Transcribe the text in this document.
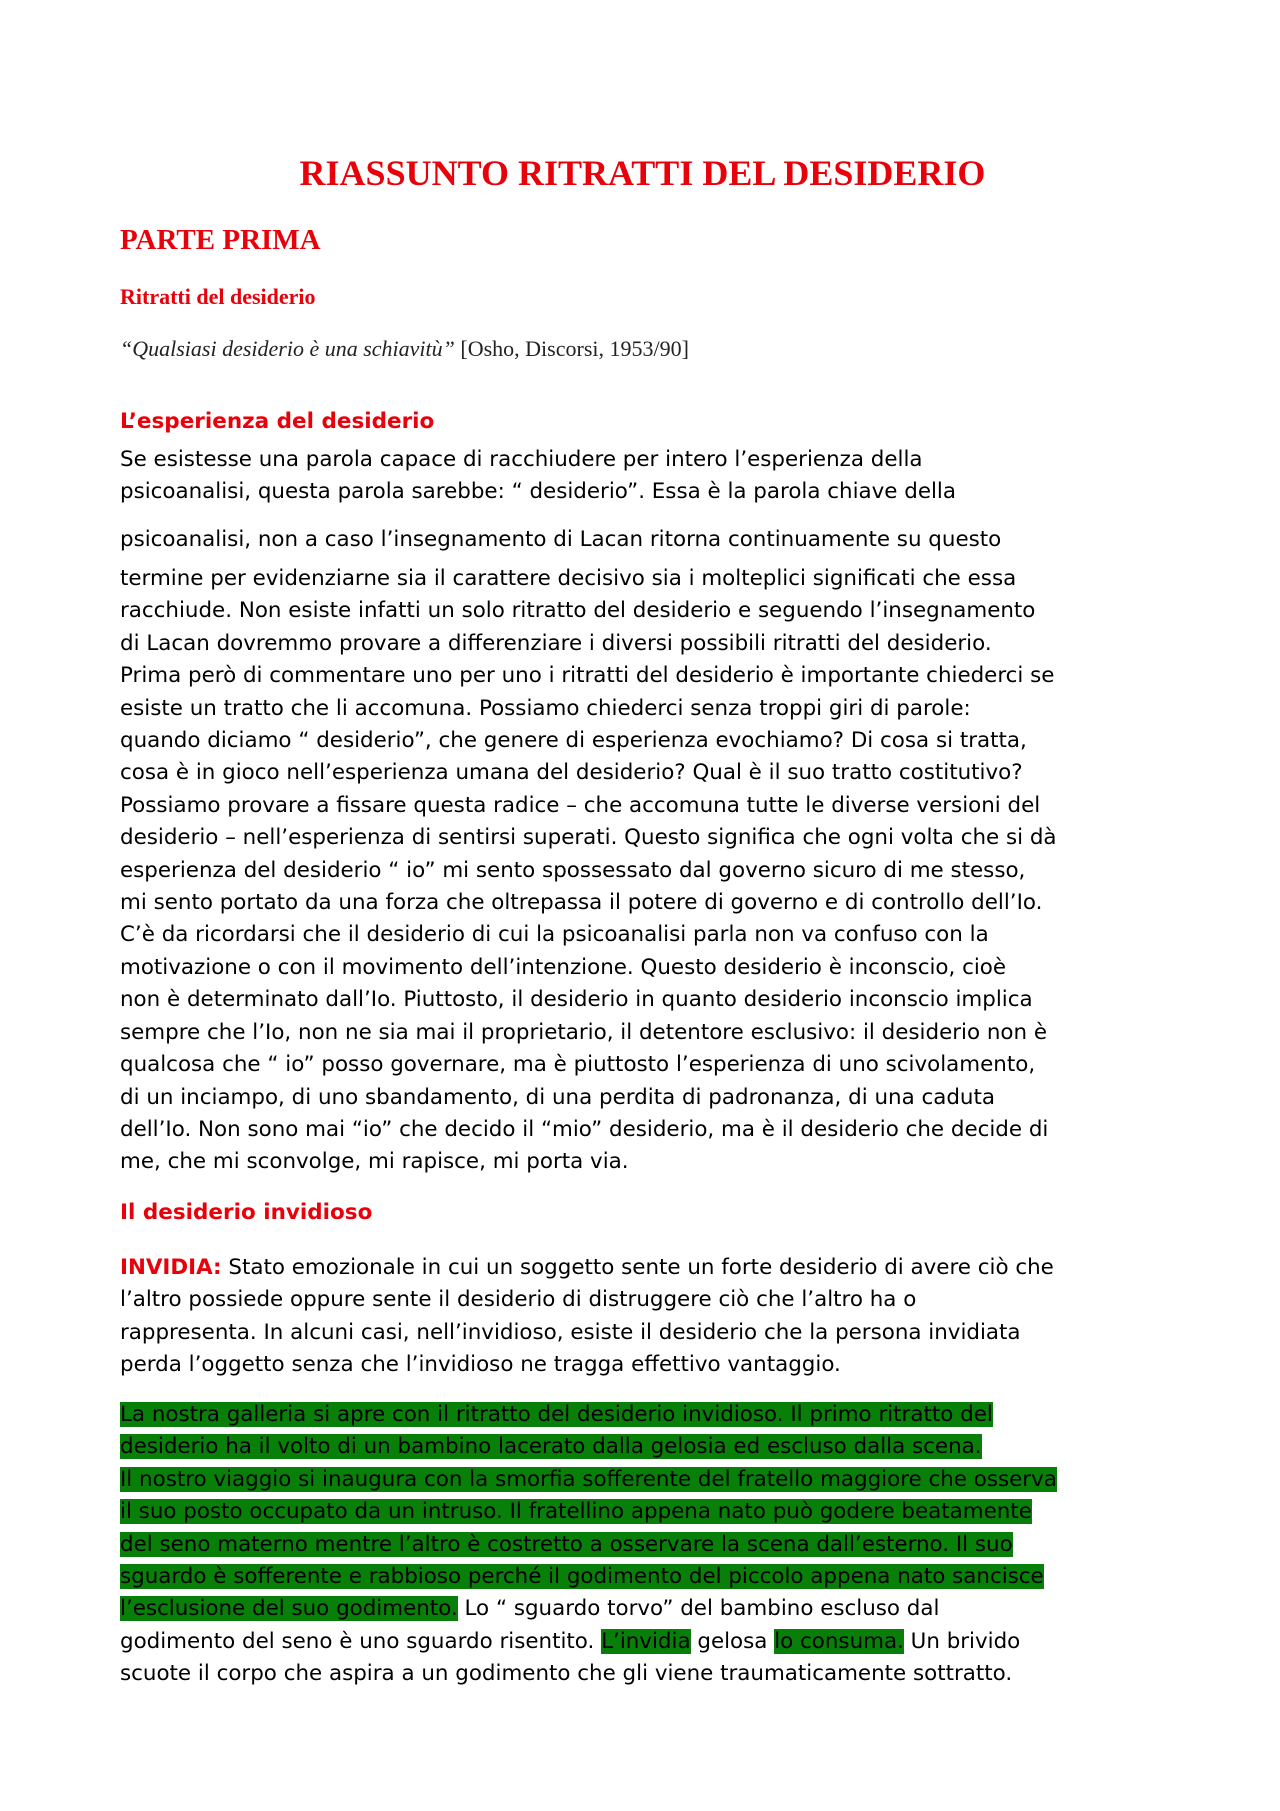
RIASSUNTO RITRATTI DEL DESIDERIO
PARTE PRIMA
Ritratti del desiderio

“Qualsiasi desiderio è una schiavitù” [Osho, Discorsi, 1953/90]

L’esperienza del desiderio

Se esistesse una parola capace di racchiudere per intero l’esperienza della
psicoanalisi, questa parola sarebbe: “ desiderio”. Essa è la parola chiave della

psicoanalisi, non a caso l’insegnamento di Lacan ritorna continuamente su questo

termine per evidenziarne sia il carattere decisivo sia i molteplici significati che essa
racchiude. Non esiste infatti un solo ritratto del desiderio e seguendo l’insegnamento
di Lacan dovremmo provare a differenziare i diversi possibili ritratti del desiderio.
Prima però di commentare uno per uno i ritratti del desiderio è importante chiederci se
esiste un tratto che li accomuna. Possiamo chiederci senza troppi giri di parole:
quando diciamo “ desiderio”, che genere di esperienza evochiamo? Di cosa si tratta,
cosa è in gioco nell’esperienza umana del desiderio? Qual è il suo tratto costitutivo?
Possiamo provare a fissare questa radice – che accomuna tutte le diverse versioni del
desiderio – nell’esperienza di sentirsi superati. Questo significa che ogni volta che si dà
esperienza del desiderio “ io” mi sento spossessato dal governo sicuro di me stesso,
mi sento portato da una forza che oltrepassa il potere di governo e di controllo dell’Io.
C’è da ricordarsi che il desiderio di cui la psicoanalisi parla non va confuso con la
motivazione o con il movimento dell’intenzione. Questo desiderio è inconscio, cioè
non è determinato dall’Io. Piuttosto, il desiderio in quanto desiderio inconscio implica
sempre che l’Io, non ne sia mai il proprietario, il detentore esclusivo: il desiderio non è
qualcosa che “ io” posso governare, ma è piuttosto l’esperienza di uno scivolamento,
di un inciampo, di uno sbandamento, di una perdita di padronanza, di una caduta
dell’Io. Non sono mai “io” che decido il “mio” desiderio, ma è il desiderio che decide di
me, che mi sconvolge, mi rapisce, mi porta via.

Il desiderio invidioso

INVIDIA: Stato emozionale in cui un soggetto sente un forte desiderio di avere ciò che
l’altro possiede oppure sente il desiderio di distruggere ciò che l’altro ha o
rappresenta. In alcuni casi, nell’invidioso, esiste il desiderio che la persona invidiata
perda l’oggetto senza che l’invidioso ne tragga effettivo vantaggio.

La nostra galleria si apre con il ritratto del desiderio invidioso. Il primo ritratto del
desiderio ha il volto di un bambino lacerato dalla gelosia ed escluso dalla scena.
Il nostro viaggio si inaugura con la smorfia sofferente del fratello maggiore che osserva
il suo posto occupato da un intruso. Il fratellino appena nato può godere beatamente
del seno materno mentre l’altro è costretto a osservare la scena dall’esterno. Il suo
sguardo è sofferente e rabbioso perché il godimento del piccolo appena nato sancisce
l’esclusione del suo godimento. Lo “ sguardo torvo” del bambino escluso dal
godimento del seno è uno sguardo risentito. L’invidia gelosa lo consuma. Un brivido
scuote il corpo che aspira a un godimento che gli viene traumaticamente sottratto.
